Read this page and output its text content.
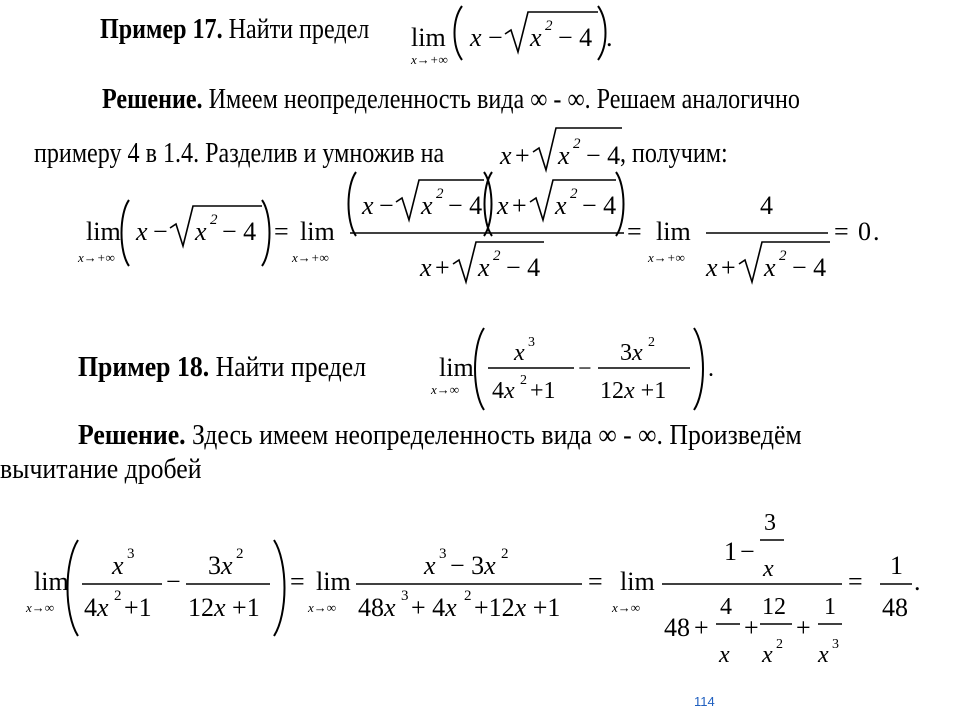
Пример 17. Найти предел
Решение. Имеем неопределенность вида ∞ - ∞. Решаем аналогично
примеру 4 в 1.4. Разделив и умножив на	, получим:
Пример 18. Найти предел
Решение. Здесь имеем неопределенность вида ∞ - ∞. Произведём
вычитание дробей
lim
x→+∞
x − x 2 − 4 .
x + x 2 − 4
lim
x→+∞
x − x 2 − 4 = lim
x→+∞
x − x 2 − 4 x + x 2 − 4
x + x 2 − 4
= lim
x→+∞
4
x + x 2 − 4
= 0 .
lim
x→∞
x 3
4x 2 +1
−
3x 2
12x +1
.
lim
x→∞
x 3
4x 2 +1
−
3x 2
12x +1
= lim
x→∞
x 3 − 3x 2
48x 3 + 4x 2 +12x +1
= lim
x→∞
1 −
3
x
48 +
4
x
+
12
x 2
+
1
x 3
=
1
48
.
114
